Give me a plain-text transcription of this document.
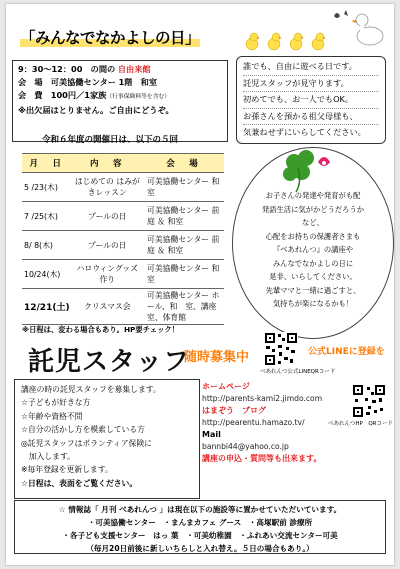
「みんなでなかよしの日」
9：30〜12：00　の間の 自由来館
会　場　 可美協働センター 1階　和室
会　費　 100円／1家族（行事保険料等を含む）
※出欠届はとりません。ご自由にどうぞ。
誰でも、自由に遊べる日です。
託児スタッフが見守ります。
初めてでも、お一人でもOK。
お孫さんを預かる祖父母様も、
気兼ねせずにいらしてください。
令和６年度の開催日は、以下の５回
月　日	内　容	会　場
5 /23(木)	はじめての はみがきレッスン	可美協働センター 和　　室
7 /25(木)	プールの日	可美協働センター 前庭 ＆ 和室
8/ 8(木)	プールの日	可美協働センター 前庭 ＆ 和室
10/24(木)	ハロウィングッズ 作り	可美協働センター 和　　室
12/21(土)	クリスマス会	可美協働センター ホール、和　室、講座室、体育館
お子さんの発達や発育がも配
発語生活に気がかどうだろうか
など、
心配をお持ちの保護者さまも
『べあれんつ』の講座や
みんなでなかよしの日に
是非、いらしてください。
先輩ママと一緒に過ごすと、
気持ちが楽になるかも！
※日程は、変わる場合もあり。HP要チェック！
託児スタッフ
随時募集中	公式LINEに登録を
べあれんつ公式LINEQRコード
講座の時の託児スタッフを募集します。
☆子どもが好きな方
☆年齢や資格不問
☆自分の活かし方を模索している方
◎託児スタッフはボランティア保険に
　加入します。
※毎年登録を更新します。
☆日程は、表面をご覧ください。
ホームページ
http://parents-kami2.jimdo.com
はまぞう　ブログ
http://pearentu.hamazo.tv/
Mail
bannbi44@yahoo.co.jp
講座の申込・質問等も出来ます。
べあれんつHP　QRコード
☆ 情報誌「 月刊 べあれんつ 」は現在以下の施設等に置かせていただいています。
・可美協働センター　・まんまカフェ グース　・高塚駅前 診療所
・各子ども支援センター　はっ 葉　・可美幼稚園　・ふれあい交流センター可美
（毎月20日前後に新しいちらしと入れ替え。５日の場合もあり。）
